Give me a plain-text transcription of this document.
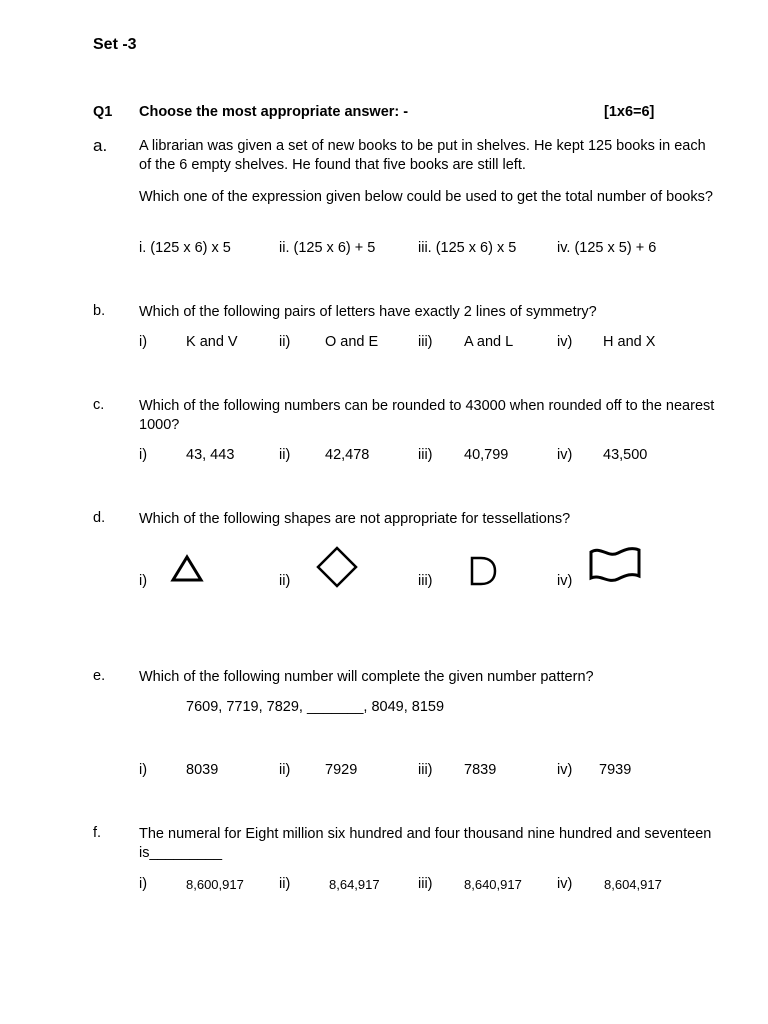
Set -3
Q1 Choose the most appropriate answer: -	[1x6=6]
a. A librarian was given a set of new books to be put in shelves. He kept 125 books in each of the 6 empty shelves. He found that five books are still left.
Which one of the expression given below could be used to get the total number of books?
i. (125 x 6) x 5	ii. (125 x 6) + 5	iii. (125 x 6) x 5	iv. (125 x 5) + 6
b. Which of the following pairs of letters have exactly 2 lines of symmetry?
i)	K and V	ii) O and E	iii) A and L	iv) H and X
c. Which of the following numbers can be rounded to 43000 when rounded off to the nearest 1000?
i)	43, 443	ii) 42,478	iii) 40,799	iv) 43,500
d. Which of the following shapes are not appropriate for tessellations?
i)	ii)	iii)	iv)
e. Which of the following number will complete the given number pattern?
7609, 7719, 7829, _______, 8049, 8159
i)	8039	ii) 7929	iii) 7839	iv) 7939
f.	The numeral for Eight million six hundred and four thousand nine hundred and seventeen is_________
i)	8,600,917 ii)	8,64,917	iii) 8,640,917 iv) 8,604,917
